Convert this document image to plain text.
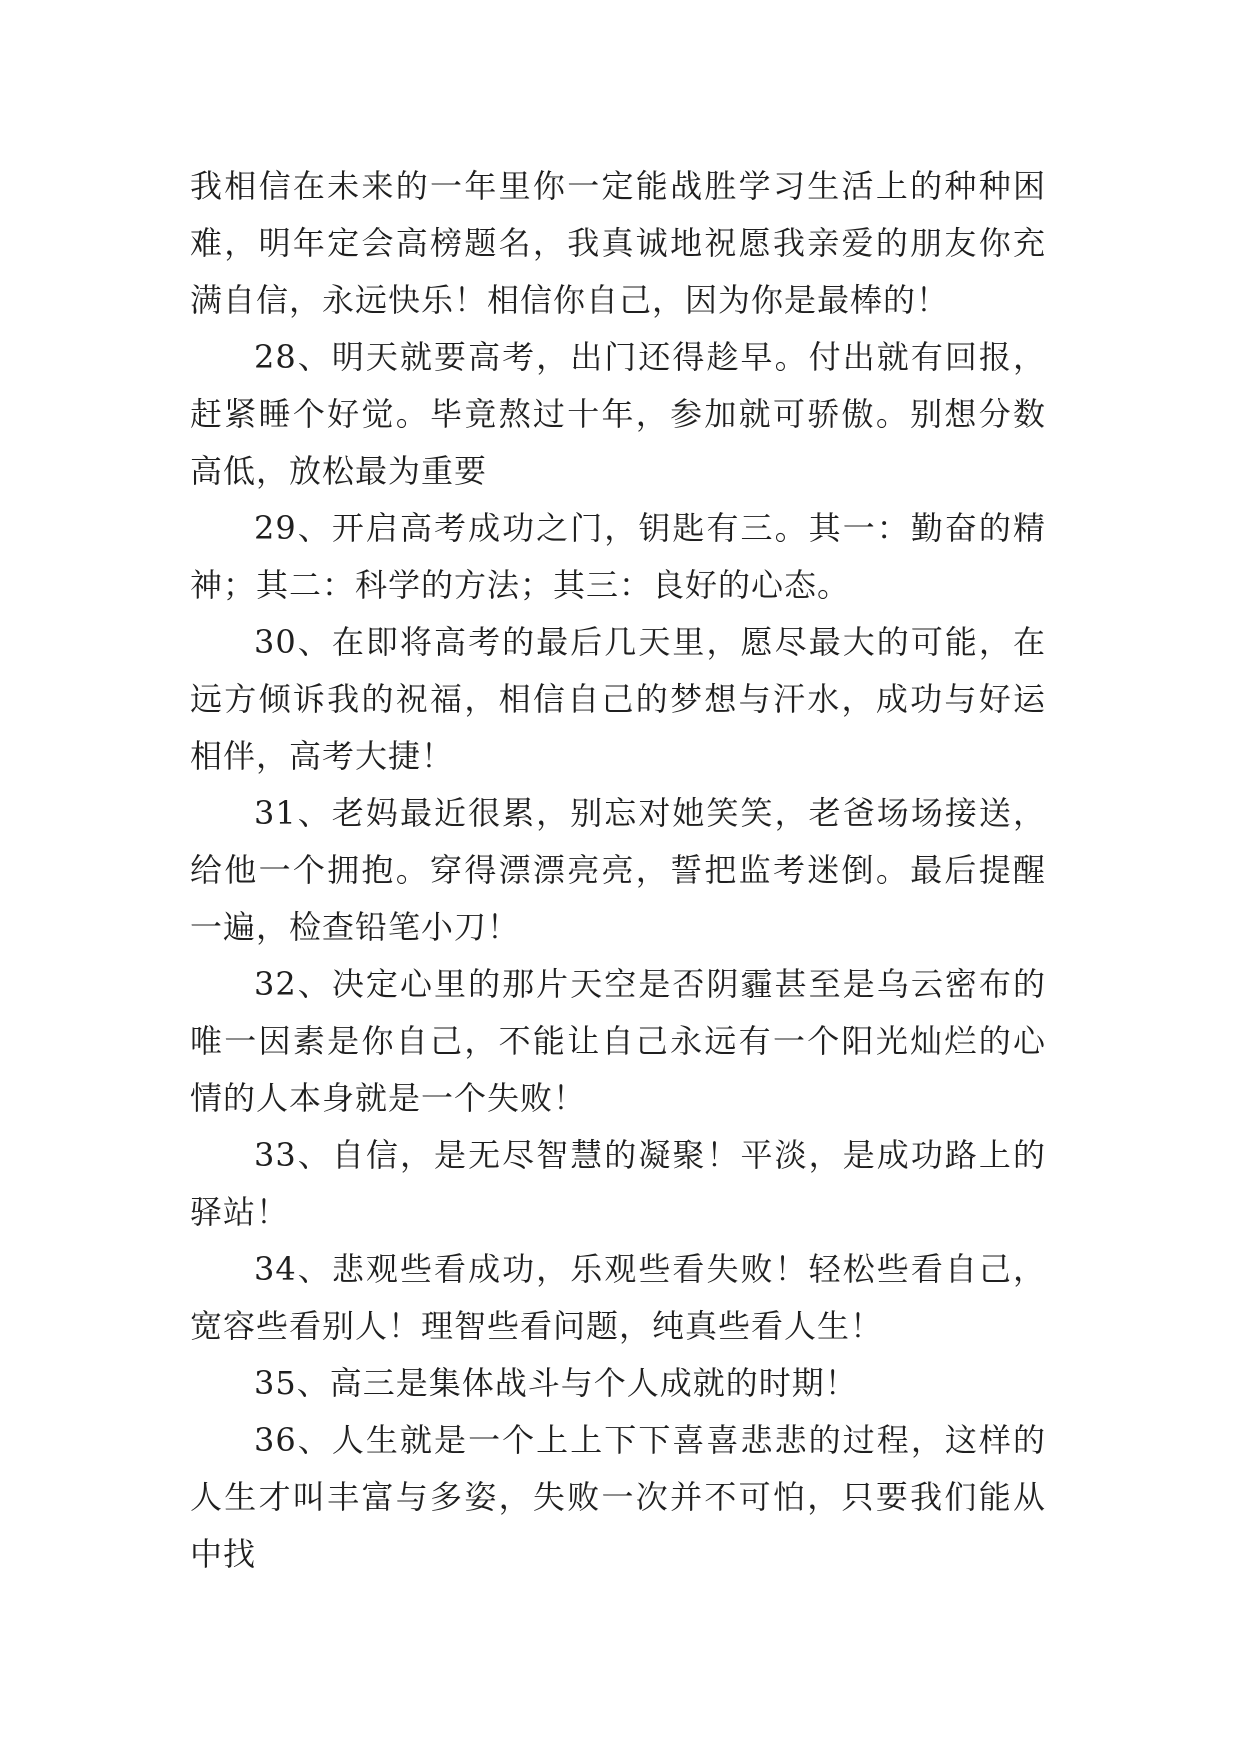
我相信在未来的一年里你一定能战胜学习生活上的种种困难，明年定会高榜题名，我真诚地祝愿我亲爱的朋友你充满自信，永远快乐！相信你自己，因为你是最棒的！

28、明天就要高考，出门还得趁早。付出就有回报，赶紧睡个好觉。毕竟熬过十年，参加就可骄傲。别想分数高低，放松最为重要

29、开启高考成功之门，钥匙有三。其一：勤奋的精神；其二：科学的方法；其三：良好的心态。

30、在即将高考的最后几天里，愿尽最大的可能，在远方倾诉我的祝福，相信自己的梦想与汗水，成功与好运相伴，高考大捷！

31、老妈最近很累，别忘对她笑笑，老爸场场接送，给他一个拥抱。穿得漂漂亮亮，誓把监考迷倒。最后提醒一遍，检查铅笔小刀！

32、决定心里的那片天空是否阴霾甚至是乌云密布的唯一因素是你自己，不能让自己永远有一个阳光灿烂的心情的人本身就是一个失败！

33、自信，是无尽智慧的凝聚！平淡，是成功路上的驿站！

34、悲观些看成功，乐观些看失败！轻松些看自己，宽容些看别人！理智些看问题，纯真些看人生！

35、高三是集体战斗与个人成就的时期！

36、人生就是一个上上下下喜喜悲悲的过程，这样的人生才叫丰富与多姿，失败一次并不可怕，只要我们能从中找
